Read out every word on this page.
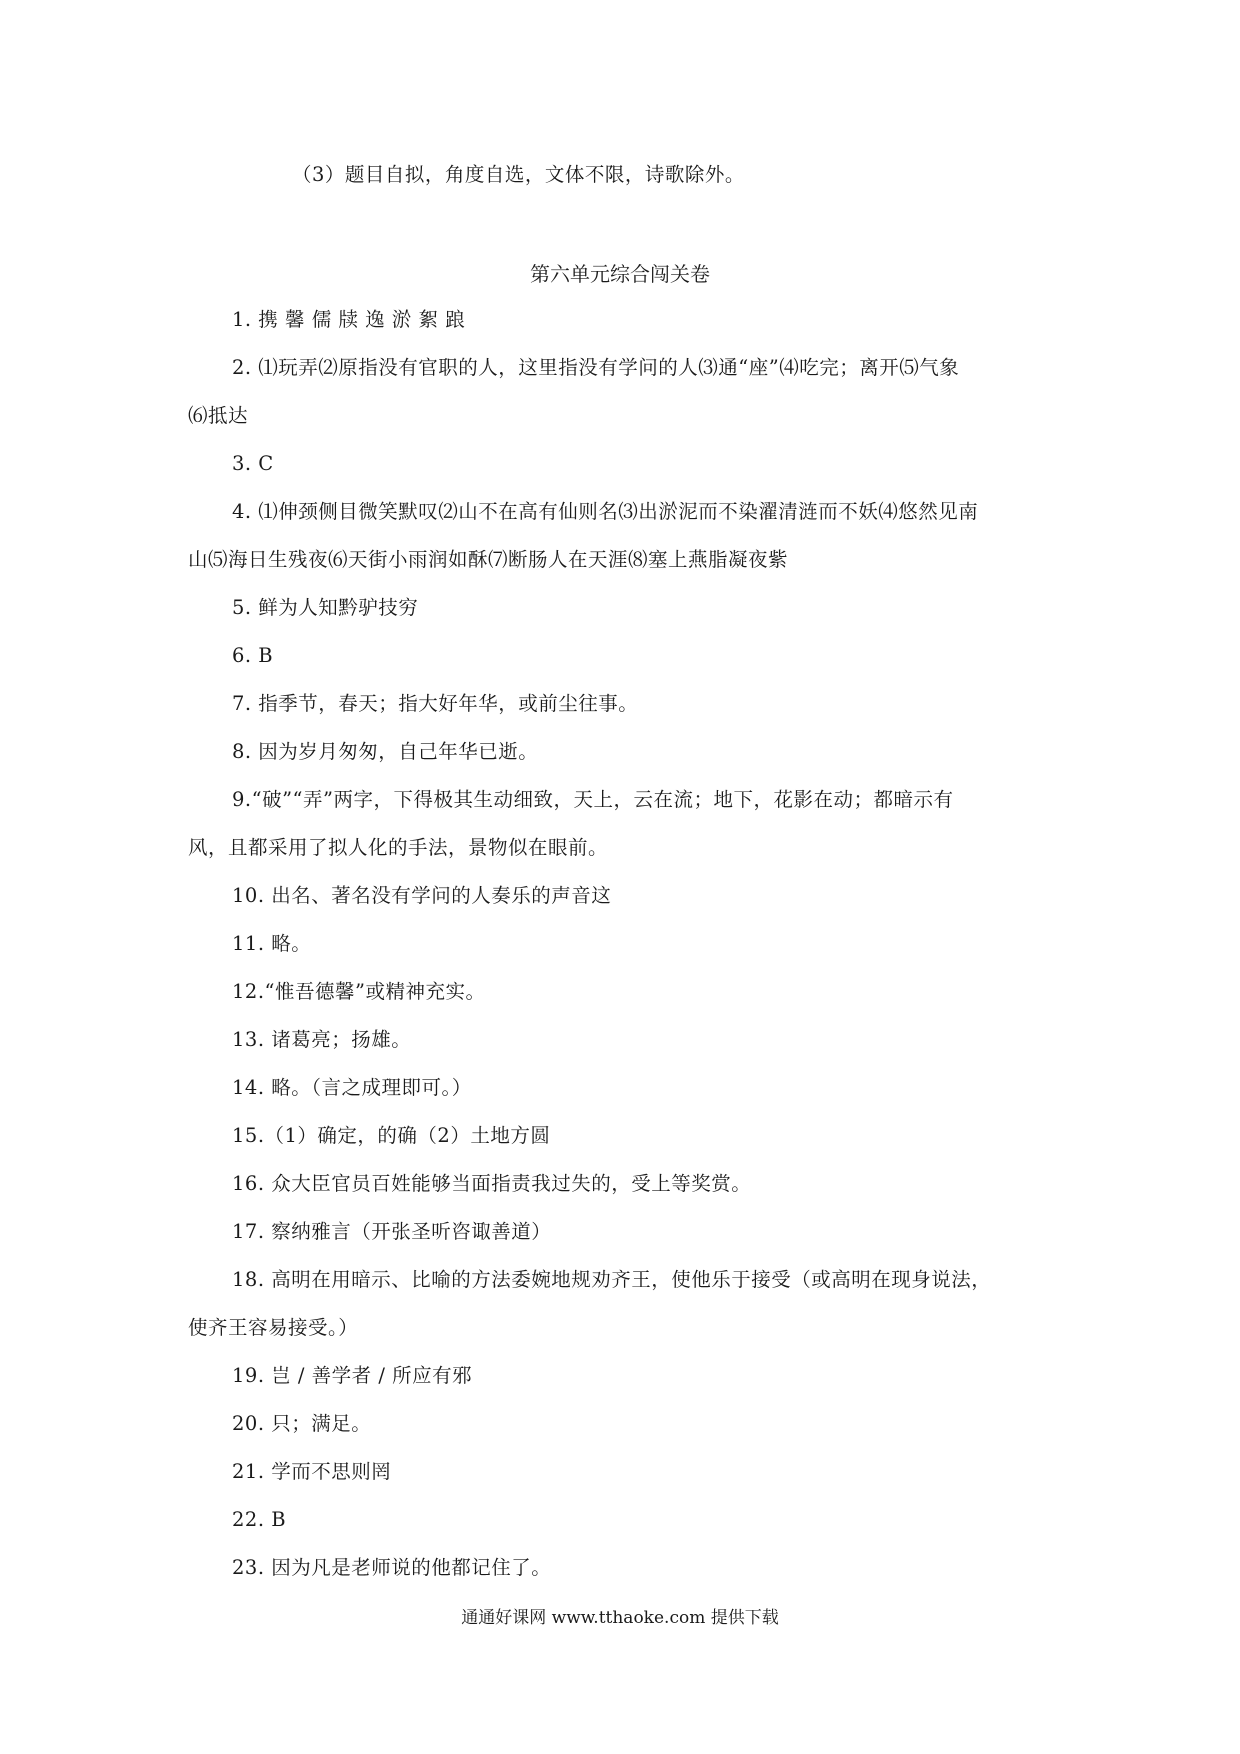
（3）题目自拟，角度自选，文体不限，诗歌除外。
第六单元综合闯关卷
1. 携 馨 儒 牍 逸 淤 絮 踉
2. ⑴玩弄⑵原指没有官职的人，这里指没有学问的人⑶通“座”⑷吃完；离开⑸气象
⑹抵达
3. C
4. ⑴伸颈侧目微笑默叹⑵山不在高有仙则名⑶出淤泥而不染濯清涟而不妖⑷悠然见南
山⑸海日生残夜⑹天街小雨润如酥⑺断肠人在天涯⑻塞上燕脂凝夜紫
5. 鲜为人知黔驴技穷
6. B
7. 指季节，春天；指大好年华，或前尘往事。
8. 因为岁月匆匆，自己年华已逝。
9.“破”“弄”两字，下得极其生动细致，天上，云在流；地下，花影在动；都暗示有
风，且都采用了拟人化的手法，景物似在眼前。
10. 出名、著名没有学问的人奏乐的声音这
11. 略。
12.“惟吾德馨”或精神充实。
13. 诸葛亮；扬雄。
14. 略。（言之成理即可。）
15.（1）确定，的确（2）土地方圆
16. 众大臣官员百姓能够当面指责我过失的，受上等奖赏。
17. 察纳雅言（开张圣听咨诹善道）
18. 高明在用暗示、比喻的方法委婉地规劝齐王，使他乐于接受（或高明在现身说法，
使齐王容易接受。）
19. 岂 / 善学者 / 所应有邪
20. 只；满足。
21. 学而不思则罔
22. B
23. 因为凡是老师说的他都记住了。
通通好课网 www.tthaoke.com 提供下载
